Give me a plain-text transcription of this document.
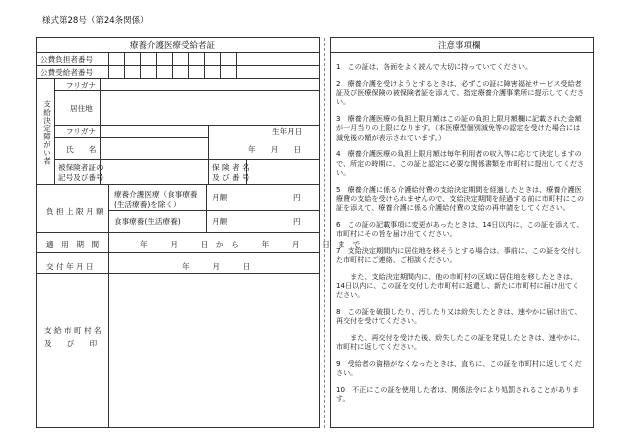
様式第28号（第24条関係）
療養介護医療受給者証
公費負担者番号
公費受給者番号
支給決定障がい者
フリガナ
居住地
フリガナ	生年月日
氏　　名	年　　月　　日
被保険者証の
記号及び番号
保 険 者 名
及 び 番 号
負 担 上 限 月 額
療養介護医療（食事療養(生活療養)を除く）
月額	円
食事療養(生活療養)	月額	円
適　用　期　間	年　　　月　　　日　か　ら　　　年　　　月　　　日　ま　で
交 付 年 月 日	年　　　月　　　日
支 給 市 町 村 名
及　　び　　印
注意事項欄

1　この証は、各面をよく読んで大切に持っていてください。

2　療養介護を受けようとするときは、必ずこの証に障害福祉サービス受給者証及び医療保険の被保険者証を添えて、指定療養介護事業所に提示してください。

3　療養介護医療の負担上限月額はこの証の負担上限月額欄に記載された金額が一月当りの上限になります。（本医療型個別減免等の認定を受けた場合には減免後の額が表示されています。）

4　療養介護医療の負担上限月額は毎年利用者の収入等に応じて決定しますので、所定の時期に、この証と認定に必要な関係書類を市町村に提出してください。

5　療養介護に係る介護給付費の支給決定期間を経過したときは、療養介護医療費の支給を受けられませんので、支給決定期間を経過する前に市町村にこの証を添えて、療養介護に係る介護給付費の支給の再申請をしてください。

6　この証の記載事項に変更があったときは、14日以内に、この証を添えて、市町村にその旨を届け出てください。

7　支給決定期間内に居住地を移そうとする場合は、事前に、この証を交付した市町村にご連絡、ご相談ください。

　　また、支給決定期間内に、他の市町村の区域に居住地を移したときは、14日以内に、この証を交付した市町村に返還し、新たに市町村に届け出てください。

8　この証を破損したり、汚したり又は紛失したときは、速やかに届け出て、再交付を受けてください。

　　また、再交付を受けた後、紛失したこの証を発見したときは、速やかに、市町村に返してください。

9　受給者の資格がなくなったときは、直ちに、この証を市町村に返してください。

10　不正にこの証を使用した者は、関係法令により処罰されることがあります。
